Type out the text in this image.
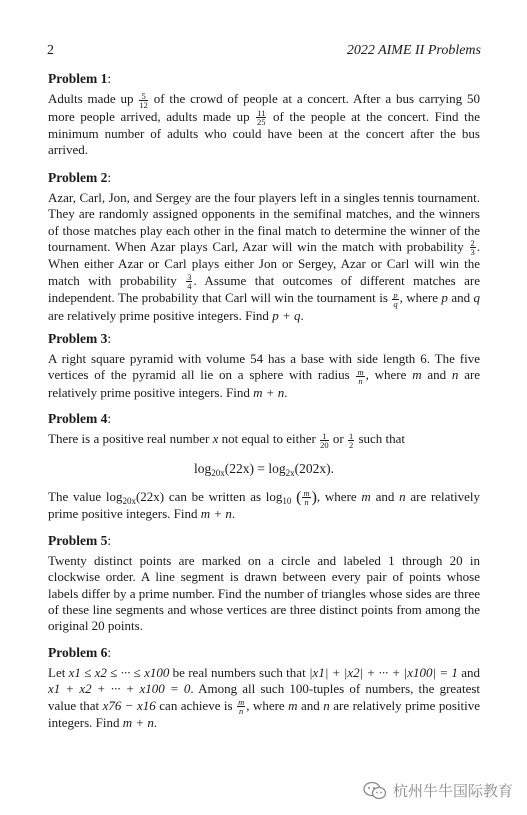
2	2022 AIME II Problems

Problem 1:

Adults made up $\frac{5}{12}$ of the crowd of people at a concert. After a bus carrying 50 more people arrived, adults made up $\frac{11}{25}$ of the people at the concert. Find the minimum number of adults who could have been at the concert after the bus arrived.

Problem 2:

Azar, Carl, Jon, and Sergey are the four players left in a singles tennis tournament. They are randomly assigned opponents in the semifinal matches, and the winners of those matches play each other in the final match to determine the winner of the tournament. When Azar plays Carl, Azar will win the match with probability $\frac{2}{3}$ . When either Azar or Carl plays either Jon or Sergey, Azar or Carl will win the match with probability $\frac{3}{4}$ . Assume that outcomes of different matches are independent. The probability that Carl will win the tournament is $\frac{p}{q}$, where p and q are relatively prime positive integers. Find p + q.

Problem 3:

A right square pyramid with volume 54 has a base with side length 6. The five vertices of the pyramid all lie on a sphere with radius $\frac{m}{n}$, where m and n are relatively prime positive integers. Find m + n.

Problem 4:

There is a positive real number x not equal to either $\frac{1}{20}$ or $\frac{1}{2}$ such that

$\log_{20x}(22x) = \log_{2x}(202x)$.

The value $\log_{20x}(22x)$ can be written as $\log_{10}$ ( $\frac{m}{n}$), where m and n are relatively prime positive integers. Find m + n.

Problem 5:

Twenty distinct points are marked on a circle and labeled 1 through 20 in clockwise order. A line segment is drawn between every pair of points whose labels differ by a prime number. Find the number of triangles whose sides are three of these line segments and whose vertices are three distinct points from among the original 20 points.

Problem 6:

Let x1 ≤ x2 ≤ ··· ≤ x100 be real numbers such that |x1| + |x2| + ··· + |x100| = 1 and x1 + x2 + ··· + x100 = 0. Among all such 100-tuples of numbers, the greatest value that x76 − x16 can achieve is $\frac{m}{n}$, where m and n are relatively prime positive integers. Find m + n.

杭州牛牛国际教育
